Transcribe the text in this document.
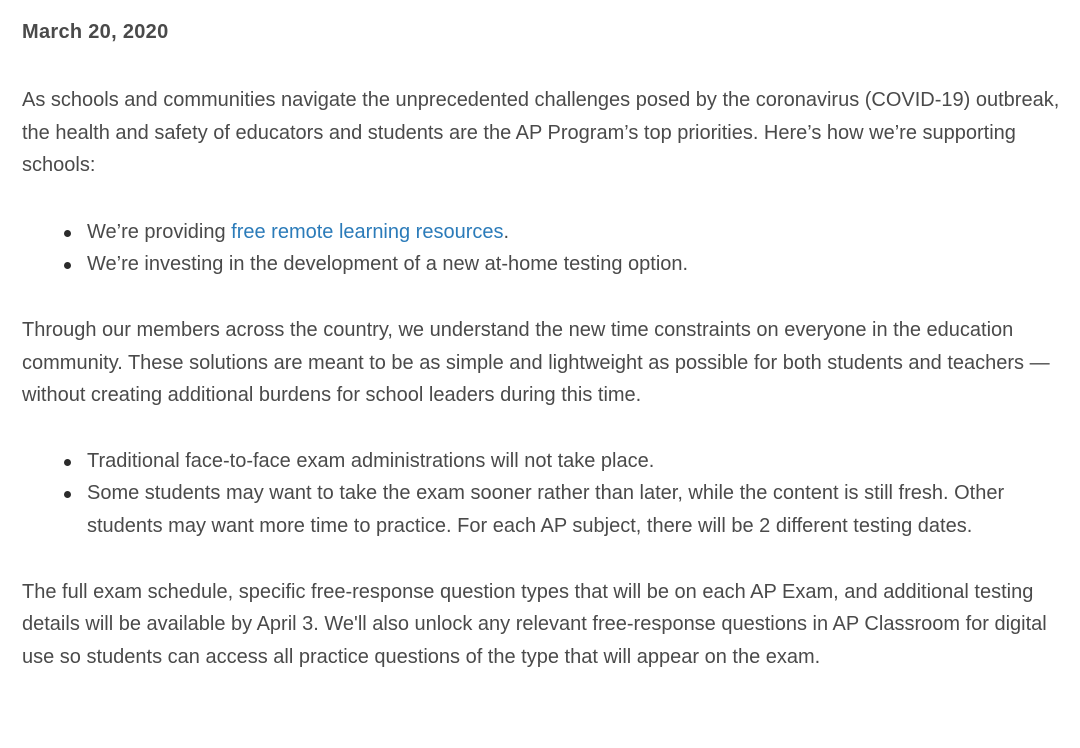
March 20, 2020

As schools and communities navigate the unprecedented challenges posed by the coronavirus (COVID-19) outbreak, the health and safety of educators and students are the AP Program’s top priorities. Here’s how we’re supporting schools:

We’re providing free remote learning resources.
We’re investing in the development of a new at-home testing option.

Through our members across the country, we understand the new time constraints on everyone in the education community. These solutions are meant to be as simple and lightweight as possible for both students and teachers — without creating additional burdens for school leaders during this time.

Traditional face-to-face exam administrations will not take place.
Some students may want to take the exam sooner rather than later, while the content is still fresh. Other students may want more time to practice. For each AP subject, there will be 2 different testing dates.

The full exam schedule, specific free-response question types that will be on each AP Exam, and additional testing details will be available by April 3. We'll also unlock any relevant free-response questions in AP Classroom for digital use so students can access all practice questions of the type that will appear on the exam.
